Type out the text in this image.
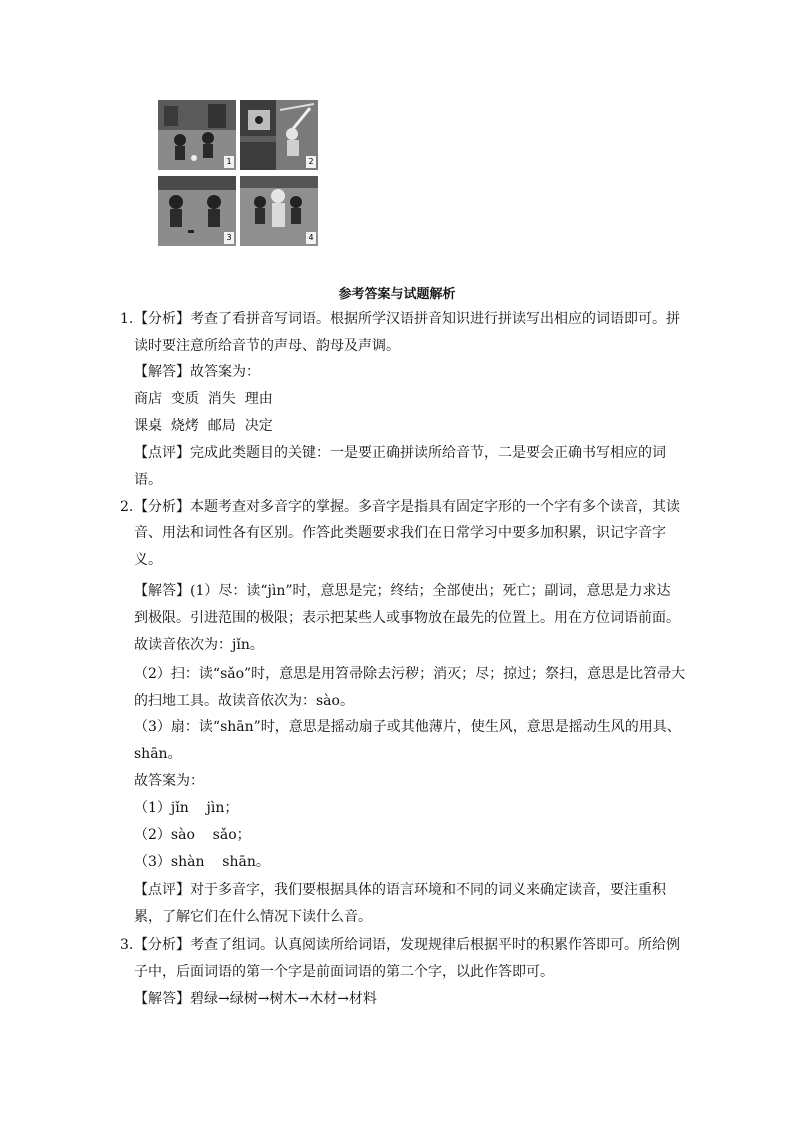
1	2
3	4
参考答案与试题解析
1. 【分析】考查了看拼音写词语。根据所学汉语拼音知识进行拼读写出相应的词语即可。拼
读时要注意所给音节的声母、韵母及声调。
【解答】故答案为：
商店  变质  消失  理由
课桌  烧烤  邮局  决定
【点评】完成此类题目的关键：一是要正确拼读所给音节，二是要会正确书写相应的词
语。
2. 【分析】本题考查对多音字的掌握。多音字是指具有固定字形的一个字有多个读音，其读
音、用法和词性各有区别。作答此类题要求我们在日常学习中要多加积累，识记字音字
义。
【解答】(1）尽：读“jìn”时，意思是完；终结；全部使出；死亡；副词，意思是力求达
到极限。引进范围的极限；表示把某些人或事物放在最先的位置上。用在方位词语前面。
故读音依次为：jǐn。
（2）扫：读“sǎo”时，意思是用笤帚除去污秽；消灭；尽；掠过；祭扫，意思是比笤帚大
的扫地工具。故读音依次为：sào。
（3）扇：读“shān”时，意思是摇动扇子或其他薄片，使生风，意思是摇动生风的用具、
shān。
故答案为：
（1）jǐn    jìn；
（2）sào    sǎo；
（3）shàn    shān。
【点评】对于多音字，我们要根据具体的语言环境和不同的词义来确定读音，要注重积
累，了解它们在什么情况下读什么音。
3. 【分析】考查了组词。认真阅读所给词语，发现规律后根据平时的积累作答即可。所给例
子中，后面词语的第一个字是前面词语的第二个字，以此作答即可。
【解答】碧绿→绿树→树木→木材→材料
